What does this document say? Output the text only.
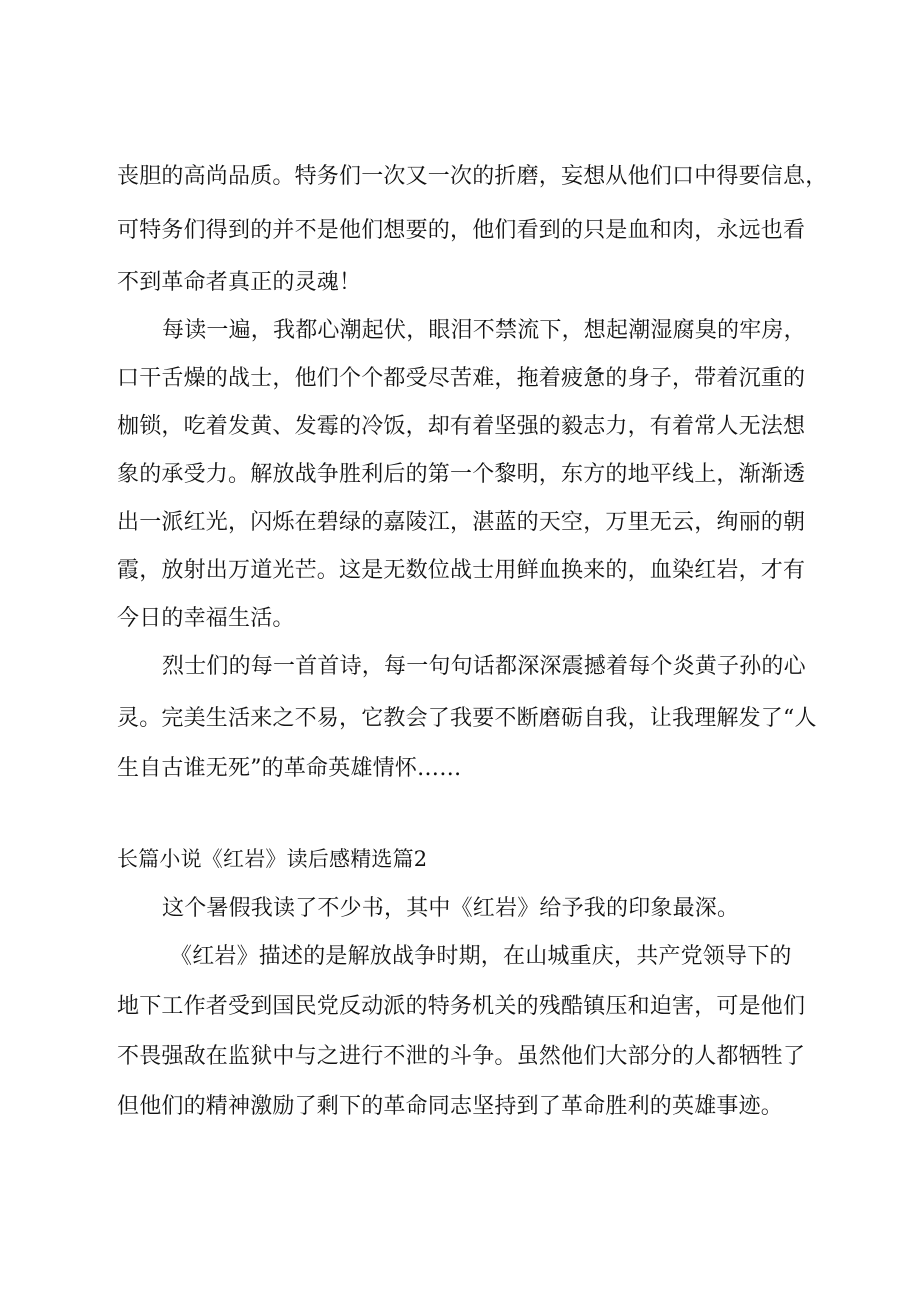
丧胆的高尚品质。特务们一次又一次的折磨，妄想从他们口中得要信息，
可特务们得到的并不是他们想要的，他们看到的只是血和肉，永远也看
不到革命者真正的灵魂！
每读一遍，我都心潮起伏，眼泪不禁流下，想起潮湿腐臭的牢房，
口干舌燥的战士，他们个个都受尽苦难，拖着疲惫的身子，带着沉重的
枷锁，吃着发黄、发霉的冷饭，却有着坚强的毅志力，有着常人无法想
象的承受力。解放战争胜利后的第一个黎明，东方的地平线上，渐渐透
出一派红光，闪烁在碧绿的嘉陵江，湛蓝的天空，万里无云，绚丽的朝
霞，放射出万道光芒。这是无数位战士用鲜血换来的，血染红岩，才有
今日的幸福生活。
烈士们的每一首首诗，每一句句话都深深震撼着每个炎黄子孙的心
灵。完美生活来之不易，它教会了我要不断磨砺自我，让我理解发了“人
生自古谁无死”的革命英雄情怀……
长篇小说《红岩》读后感精选篇2
这个暑假我读了不少书，其中《红岩》给予我的印象最深。
《红岩》描述的是解放战争时期，在山城重庆，共产党领导下的
地下工作者受到国民党反动派的特务机关的残酷镇压和迫害，可是他们
不畏强敌在监狱中与之进行不泄的斗争。虽然他们大部分的人都牺牲了
但他们的精神激励了剩下的革命同志坚持到了革命胜利的英雄事迹。
